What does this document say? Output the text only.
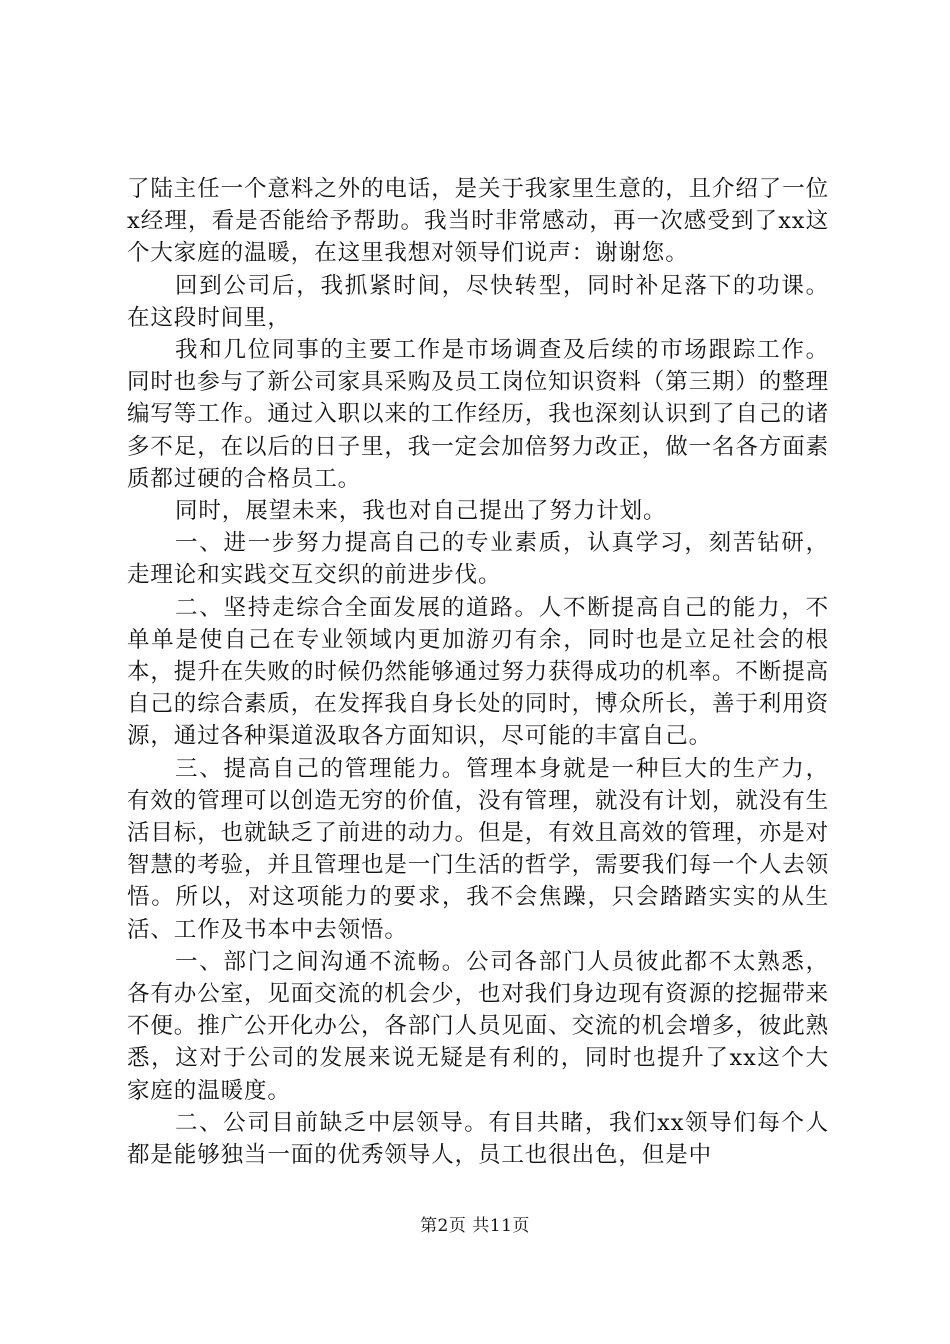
了陆主任一个意料之外的电话，是关于我家里生意的，且介绍了一位x经理，看是否能给予帮助。我当时非常感动，再一次感受到了xx这个大家庭的温暖，在这里我想对领导们说声：谢谢您。

回到公司后，我抓紧时间，尽快转型，同时补足落下的功课。在这段时间里，

我和几位同事的主要工作是市场调查及后续的市场跟踪工作。同时也参与了新公司家具采购及员工岗位知识资料（第三期）的整理编写等工作。通过入职以来的工作经历，我也深刻认识到了自己的诸多不足，在以后的日子里，我一定会加倍努力改正，做一名各方面素质都过硬的合格员工。

同时，展望未来，我也对自己提出了努力计划。

一、进一步努力提高自己的专业素质，认真学习，刻苦钻研，走理论和实践交互交织的前进步伐。

二、坚持走综合全面发展的道路。人不断提高自己的能力，不单单是使自己在专业领域内更加游刃有余，同时也是立足社会的根本，提升在失败的时候仍然能够通过努力获得成功的机率。不断提高自己的综合素质，在发挥我自身长处的同时，博众所长，善于利用资源，通过各种渠道汲取各方面知识，尽可能的丰富自己。

三、提高自己的管理能力。管理本身就是一种巨大的生产力，有效的管理可以创造无穷的价值，没有管理，就没有计划，就没有生活目标，也就缺乏了前进的动力。但是，有效且高效的管理，亦是对智慧的考验，并且管理也是一门生活的哲学，需要我们每一个人去领悟。所以，对这项能力的要求，我不会焦躁，只会踏踏实实的从生活、工作及书本中去领悟。

一、部门之间沟通不流畅。公司各部门人员彼此都不太熟悉，各有办公室，见面交流的机会少，也对我们身边现有资源的挖掘带来不便。推广公开化办公，各部门人员见面、交流的机会增多，彼此熟悉，这对于公司的发展来说无疑是有利的，同时也提升了xx这个大家庭的温暖度。

二、公司目前缺乏中层领导。有目共睹，我们xx领导们每个人都是能够独当一面的优秀领导人，员工也很出色，但是中

第2页 共11页
